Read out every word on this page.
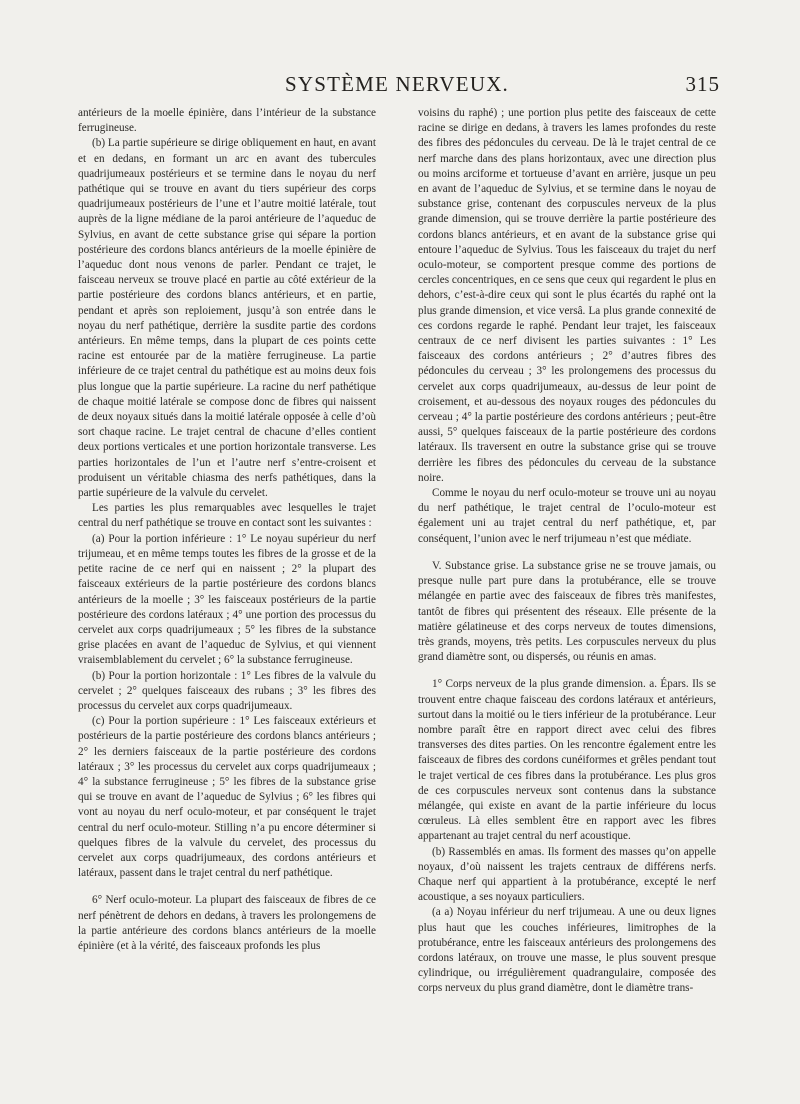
SYSTÈME NERVEUX.	315

antérieurs de la moelle épinière, dans l’intérieur de la substance ferrugineuse.

(b) La partie supérieure se dirige obliquement en haut, en avant et en dedans, en formant un arc en avant des tubercules quadrijumeaux postérieurs et se termine dans le noyau du nerf pathétique qui se trouve en avant du tiers supérieur des corps quadrijumeaux postérieurs de l’une et l’autre moitié latérale, tout auprès de la ligne médiane de la paroi antérieure de l’aqueduc de Sylvius, en avant de cette substance grise qui sépare la portion postérieure des cordons blancs antérieurs de la moelle épinière de l’aqueduc dont nous venons de parler. Pendant ce trajet, le faisceau nerveux se trouve placé en partie au côté extérieur de la partie postérieure des cordons blancs antérieurs, et en partie, pendant et après son reploiement, jusqu’à son entrée dans le noyau du nerf pathétique, derrière la susdite partie des cordons antérieurs. En même temps, dans la plupart de ces points cette racine est entourée par de la matière ferrugineuse. La partie inférieure de ce trajet central du pathétique est au moins deux fois plus longue que la partie supérieure. La racine du nerf pathétique de chaque moitié latérale se compose donc de fibres qui naissent de deux noyaux situés dans la moitié latérale opposée à celle d’où sort chaque racine. Le trajet central de chacune d’elles contient deux portions verticales et une portion horizontale transverse. Les parties horizontales de l’un et l’autre nerf s’entre-croisent et produisent un véritable chiasma des nerfs pathétiques, dans la partie supérieure de la valvule du cervelet.

Les parties les plus remarquables avec lesquelles le trajet central du nerf pathétique se trouve en contact sont les suivantes :

(a) Pour la portion inférieure : 1° Le noyau supérieur du nerf trijumeau, et en même temps toutes les fibres de la grosse et de la petite racine de ce nerf qui en naissent ; 2° la plupart des faisceaux extérieurs de la partie postérieure des cordons blancs antérieurs de la moelle ; 3° les faisceaux postérieurs de la partie postérieure des cordons latéraux ; 4° une portion des processus du cervelet aux corps quadrijumeaux ; 5° les fibres de la substance grise placées en avant de l’aqueduc de Sylvius, et qui viennent vraisemblablement du cervelet ; 6° la substance ferrugineuse.

(b) Pour la portion horizontale : 1° Les fibres de la valvule du cervelet ; 2° quelques faisceaux des rubans ; 3° les fibres des processus du cervelet aux corps quadrijumeaux.

(c) Pour la portion supérieure : 1° Les faisceaux extérieurs et postérieurs de la partie postérieure des cordons blancs antérieurs ; 2° les derniers faisceaux de la partie postérieure des cordons latéraux ; 3° les processus du cervelet aux corps quadrijumeaux ; 4° la substance ferrugineuse ; 5° les fibres de la substance grise qui se trouve en avant de l’aqueduc de Sylvius ; 6° les fibres qui vont au noyau du nerf oculo-moteur, et par conséquent le trajet central du nerf oculo-moteur. Stilling n’a pu encore déterminer si quelques fibres de la valvule du cervelet, des processus du cervelet aux corps quadrijumeaux, des cordons antérieurs et latéraux, passent dans le trajet central du nerf pathétique.

6° Nerf oculo-moteur. La plupart des faisceaux de fibres de ce nerf pénètrent de dehors en dedans, à travers les prolongemens de la partie antérieure des cordons blancs antérieurs de la moelle épinière (et à la vérité, des faisceaux profonds les plus

voisins du raphé) ; une portion plus petite des faisceaux de cette racine se dirige en dedans, à travers les lames profondes du reste des fibres des pédoncules du cerveau. De là le trajet central de ce nerf marche dans des plans horizontaux, avec une direction plus ou moins arciforme et tortueuse d’avant en arrière, jusque un peu en avant de l’aqueduc de Sylvius, et se termine dans le noyau de substance grise, contenant des corpuscules nerveux de la plus grande dimension, qui se trouve derrière la partie postérieure des cordons blancs antérieurs, et en avant de la substance grise qui entoure l’aqueduc de Sylvius. Tous les faisceaux du trajet du nerf oculo-moteur, se comportent presque comme des portions de cercles concentriques, en ce sens que ceux qui regardent le plus en dehors, c’est-à-dire ceux qui sont le plus écartés du raphé ont la plus grande dimension, et vice versâ. La plus grande connexité de ces cordons regarde le raphé. Pendant leur trajet, les faisceaux centraux de ce nerf divisent les parties suivantes : 1° Les faisceaux des cordons antérieurs ; 2° d’autres fibres des pédoncules du cerveau ; 3° les prolongemens des processus du cervelet aux corps quadrijumeaux, au-dessus de leur point de croisement, et au-dessous des noyaux rouges des pédoncules du cerveau ; 4° la partie postérieure des cordons antérieurs ; peut-être aussi, 5° quelques faisceaux de la partie postérieure des cordons latéraux. Ils traversent en outre la substance grise qui se trouve derrière les fibres des pédoncules du cerveau de la substance noire.

Comme le noyau du nerf oculo-moteur se trouve uni au noyau du nerf pathétique, le trajet central de l’oculo-moteur est également uni au trajet central du nerf pathétique, et, par conséquent, l’union avec le nerf trijumeau n’est que médiate.

V. Substance grise. La substance grise ne se trouve jamais, ou presque nulle part pure dans la protubérance, elle se trouve mélangée en partie avec des faisceaux de fibres très manifestes, tantôt de fibres qui présentent des réseaux. Elle présente de la matière gélatineuse et des corps nerveux de toutes dimensions, très grands, moyens, très petits. Les corpuscules nerveux du plus grand diamètre sont, ou dispersés, ou réunis en amas.

1° Corps nerveux de la plus grande dimension. a. Épars. Ils se trouvent entre chaque faisceau des cordons latéraux et antérieurs, surtout dans la moitié ou le tiers inférieur de la protubérance. Leur nombre paraît être en rapport direct avec celui des fibres transverses des dites parties. On les rencontre également entre les faisceaux de fibres des cordons cunéiformes et grêles pendant tout le trajet vertical de ces fibres dans la protubérance. Les plus gros de ces corpuscules nerveux sont contenus dans la substance mélangée, qui existe en avant de la partie inférieure du locus cœruleus. Là elles semblent être en rapport avec les fibres appartenant au trajet central du nerf acoustique.

(b) Rassemblés en amas. Ils forment des masses qu’on appelle noyaux, d’où naissent les trajets centraux de différens nerfs. Chaque nerf qui appartient à la protubérance, excepté le nerf acoustique, a ses noyaux particuliers.

(a a) Noyau inférieur du nerf trijumeau. A une ou deux lignes plus haut que les couches inférieures, limitrophes de la protubérance, entre les faisceaux antérieurs des prolongemens des cordons latéraux, on trouve une masse, le plus souvent presque cylindrique, ou irrégulièrement quadrangulaire, composée des corps nerveux du plus grand diamètre, dont le diamètre trans-
